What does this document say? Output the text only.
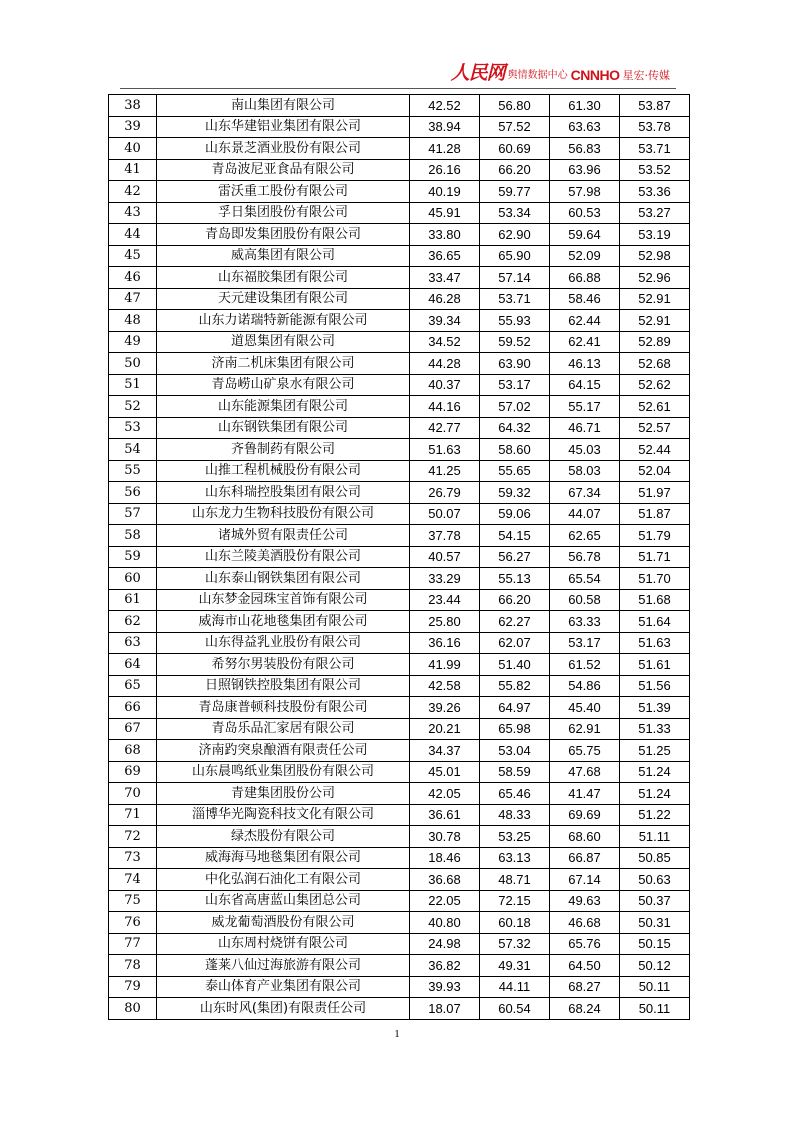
人民网 舆情数据中心 CNNHO 星宏·传媒
38	南山集团有限公司	42.52	56.80	61.30	53.87
39	山东华建铝业集团有限公司	38.94	57.52	63.63	53.78
40	山东景芝酒业股份有限公司	41.28	60.69	56.83	53.71
41	青岛波尼亚食品有限公司	26.16	66.20	63.96	53.52
42	雷沃重工股份有限公司	40.19	59.77	57.98	53.36
43	孚日集团股份有限公司	45.91	53.34	60.53	53.27
44	青岛即发集团股份有限公司	33.80	62.90	59.64	53.19
45	威高集团有限公司	36.65	65.90	52.09	52.98
46	山东福胶集团有限公司	33.47	57.14	66.88	52.96
47	天元建设集团有限公司	46.28	53.71	58.46	52.91
48	山东力诺瑞特新能源有限公司	39.34	55.93	62.44	52.91
49	道恩集团有限公司	34.52	59.52	62.41	52.89
50	济南二机床集团有限公司	44.28	63.90	46.13	52.68
51	青岛崂山矿泉水有限公司	40.37	53.17	64.15	52.62
52	山东能源集团有限公司	44.16	57.02	55.17	52.61
53	山东钢铁集团有限公司	42.77	64.32	46.71	52.57
54	齐鲁制药有限公司	51.63	58.60	45.03	52.44
55	山推工程机械股份有限公司	41.25	55.65	58.03	52.04
56	山东科瑞控股集团有限公司	26.79	59.32	67.34	51.97
57	山东龙力生物科技股份有限公司	50.07	59.06	44.07	51.87
58	诸城外贸有限责任公司	37.78	54.15	62.65	51.79
59	山东兰陵美酒股份有限公司	40.57	56.27	56.78	51.71
60	山东泰山钢铁集团有限公司	33.29	55.13	65.54	51.70
61	山东梦金园珠宝首饰有限公司	23.44	66.20	60.58	51.68
62	威海市山花地毯集团有限公司	25.80	62.27	63.33	51.64
63	山东得益乳业股份有限公司	36.16	62.07	53.17	51.63
64	希努尔男装股份有限公司	41.99	51.40	61.52	51.61
65	日照钢铁控股集团有限公司	42.58	55.82	54.86	51.56
66	青岛康普顿科技股份有限公司	39.26	64.97	45.40	51.39
67	青岛乐品汇家居有限公司	20.21	65.98	62.91	51.33
68	济南趵突泉酿酒有限责任公司	34.37	53.04	65.75	51.25
69	山东晨鸣纸业集团股份有限公司	45.01	58.59	47.68	51.24
70	青建集团股份公司	42.05	65.46	41.47	51.24
71	淄博华光陶瓷科技文化有限公司	36.61	48.33	69.69	51.22
72	绿杰股份有限公司	30.78	53.25	68.60	51.11
73	威海海马地毯集团有限公司	18.46	63.13	66.87	50.85
74	中化弘润石油化工有限公司	36.68	48.71	67.14	50.63
75	山东省高唐蓝山集团总公司	22.05	72.15	49.63	50.37
76	威龙葡萄酒股份有限公司	40.80	60.18	46.68	50.31
77	山东周村烧饼有限公司	24.98	57.32	65.76	50.15
78	蓬莱八仙过海旅游有限公司	36.82	49.31	64.50	50.12
79	泰山体育产业集团有限公司	39.93	44.11	68.27	50.11
80	山东时风(集团)有限责任公司	18.07	60.54	68.24	50.11
1
